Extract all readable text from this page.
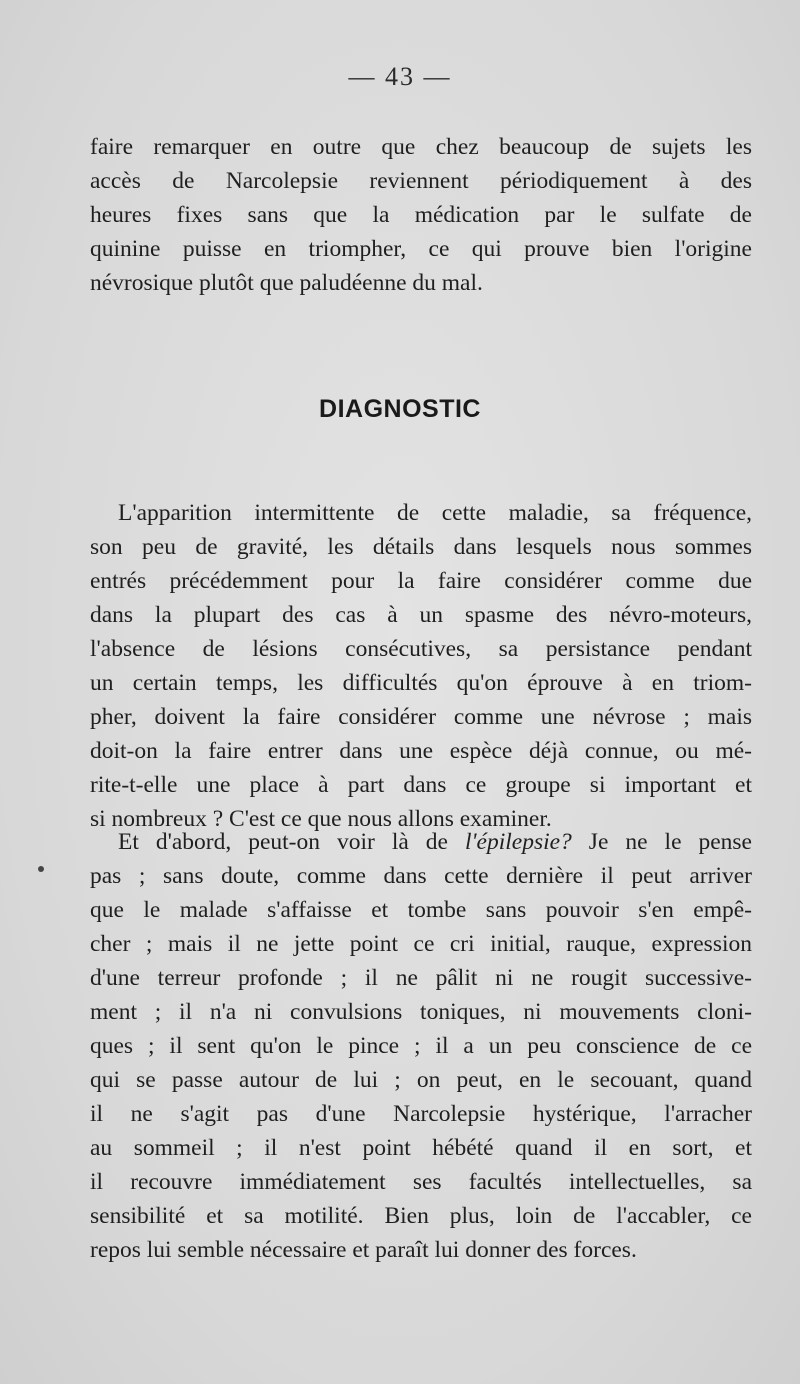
— 43 —
faire remarquer en outre que chez beaucoup de sujets les
accès de Narcolepsie reviennent périodiquement à des
heures fixes sans que la médication par le sulfate de
quinine puisse en triompher, ce qui prouve bien l'origine
névrosique plutôt que paludéenne du mal.
DIAGNOSTIC
L'apparition intermittente de cette maladie, sa fréquence,
son peu de gravité, les détails dans lesquels nous sommes
entrés précédemment pour la faire considérer comme due
dans la plupart des cas à un spasme des névro-moteurs,
l'absence de lésions consécutives, sa persistance pendant
un certain temps, les difficultés qu'on éprouve à en triom-
pher, doivent la faire considérer comme une névrose ; mais
doit-on la faire entrer dans une espèce déjà connue, ou mé-
rite-t-elle une place à part dans ce groupe si important et
si nombreux ? C'est ce que nous allons examiner.
Et d'abord, peut-on voir là de l'épilepsie? Je ne le pense
pas ; sans doute, comme dans cette dernière il peut arriver
que le malade s'affaisse et tombe sans pouvoir s'en empê-
cher ; mais il ne jette point ce cri initial, rauque, expression
d'une terreur profonde ; il ne pâlit ni ne rougit successive-
ment ; il n'a ni convulsions toniques, ni mouvements cloni-
ques ; il sent qu'on le pince ; il a un peu conscience de ce
qui se passe autour de lui ; on peut, en le secouant, quand
il ne s'agit pas d'une Narcolepsie hystérique, l'arracher
au sommeil ; il n'est point hébété quand il en sort, et
il recouvre immédiatement ses facultés intellectuelles, sa
sensibilité et sa motilité. Bien plus, loin de l'accabler, ce
repos lui semble nécessaire et paraît lui donner des forces.
